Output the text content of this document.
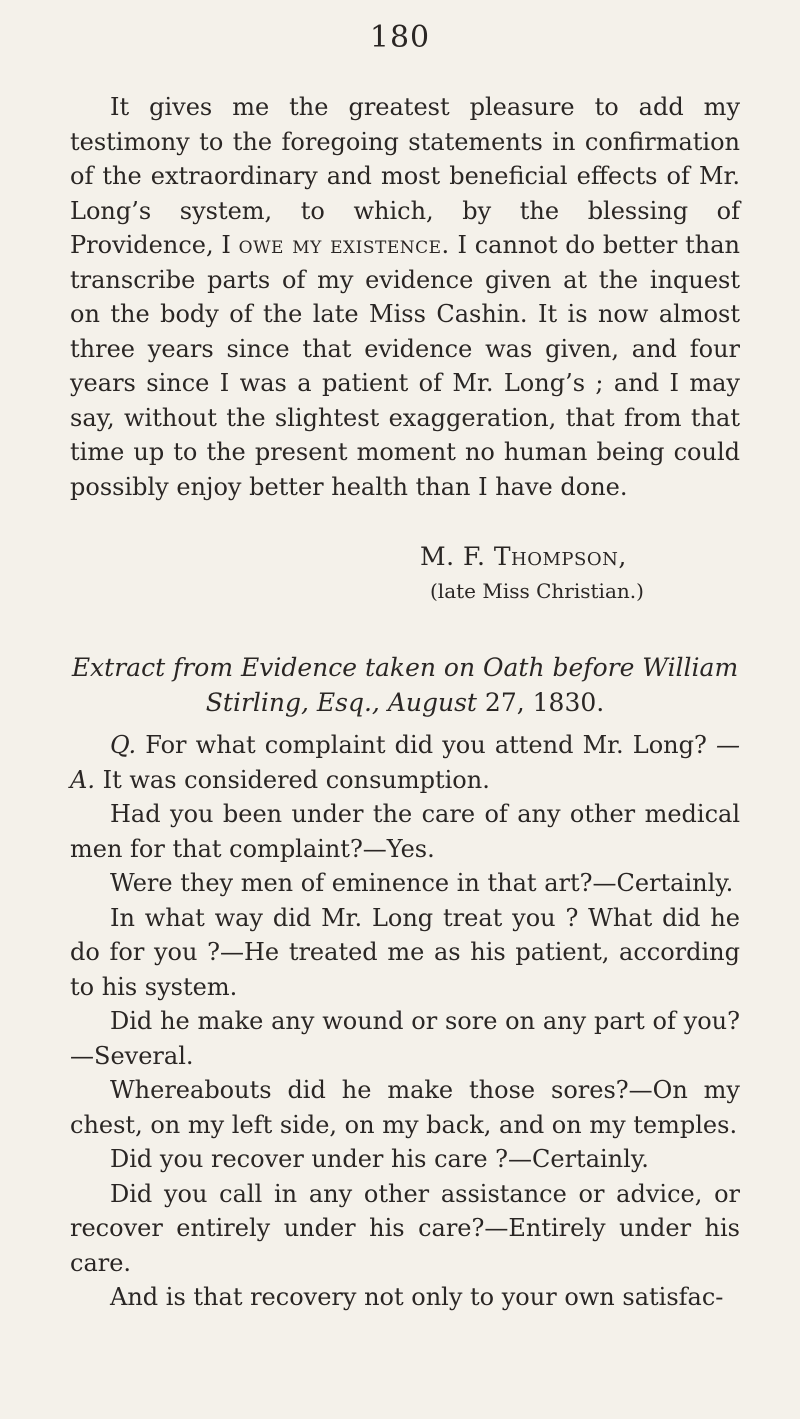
180

It gives me the greatest pleasure to add my testimony to the foregoing statements in confirmation of the extraordinary and most beneficial effects of Mr. Long’s system, to which, by the blessing of Providence, I owe my existence. I cannot do better than transcribe parts of my evidence given at the inquest on the body of the late Miss Cashin. It is now almost three years since that evidence was given, and four years since I was a patient of Mr. Long’s ; and I may say, without the slightest exaggeration, that from that time up to the present moment no human being could possibly enjoy better health than I have done.

M. F. Thompson,
(late Miss Christian.)
Extract from Evidence taken on Oath before William
Stirling, Esq., August 27, 1830.

Q. For what complaint did you attend Mr. Long? —A. It was considered consumption.

Had you been under the care of any other medical men for that complaint?—Yes.

Were they men of eminence in that art?—Certainly.

In what way did Mr. Long treat you ? What did he do for you ?—He treated me as his patient, according to his system.

Did he make any wound or sore on any part of you? —Several.

Whereabouts did he make those sores?—On my chest, on my left side, on my back, and on my temples.

Did you recover under his care ?—Certainly.

Did you call in any other assistance or advice, or recover entirely under his care?—Entirely under his care.

And is that recovery not only to your own satisfac-
